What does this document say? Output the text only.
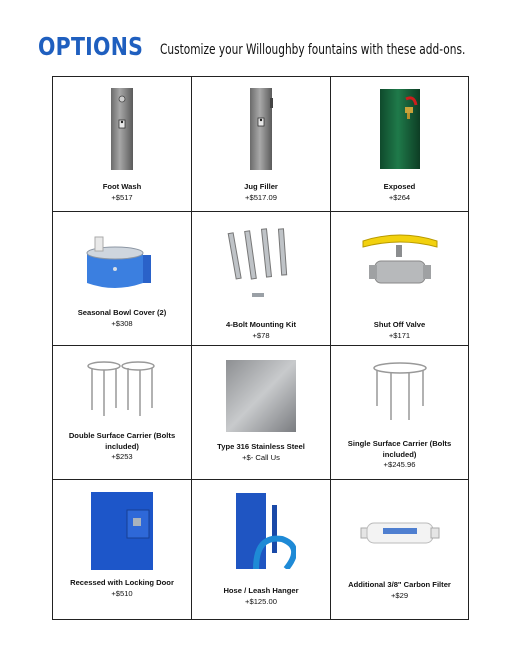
OPTIONS Customize your Willoughby fountains with these add-ons.
Foot Wash
+$517
Jug Filler
+$517.09
Exposed
+$264
Seasonal Bowl Cover (2)
+$308	4-Bolt Mounting Kit
+$78
Shut Off Valve
+$171
Double Surface Carrier (Bolts included)
+$253
Type 316 Stainless Steel
+$- Call Us
Single Surface Carrier (Bolts included)
+$245.96
Recessed with Locking Door
+$510	Hose / Leash Hanger
+$125.00
Additional 3/8" Carbon Filter
+$29
